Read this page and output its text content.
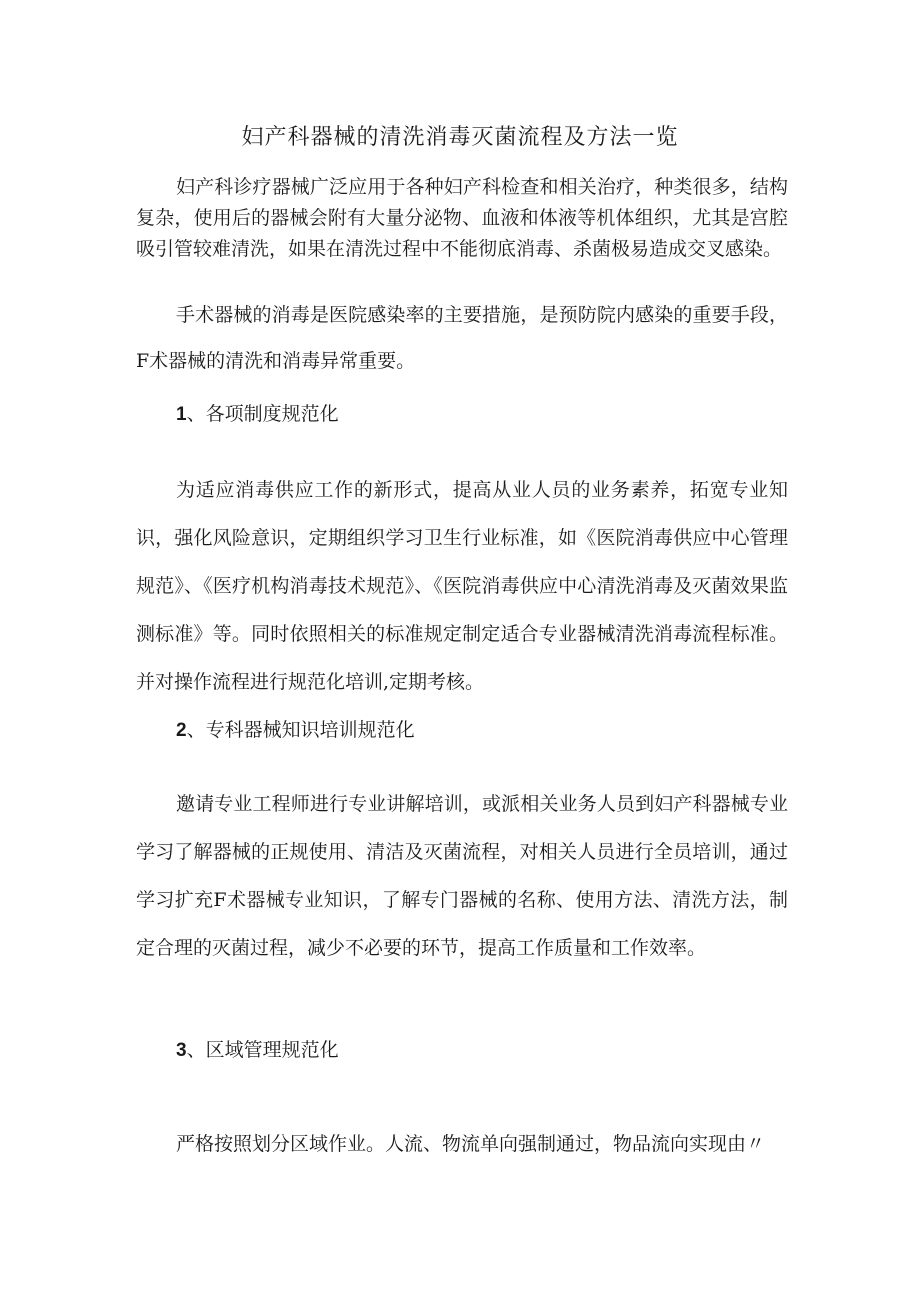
妇产科器械的清洗消毒灭菌流程及方法一览

妇产科诊疗器械广泛应用于各种妇产科检查和相关治疗，种类很多，结构复杂，使用后的器械会附有大量分泌物、血液和体液等机体组织，尤其是宫腔吸引管较难清洗，如果在清洗过程中不能彻底消毒、杀菌极易造成交叉感染。

手术器械的消毒是医院感染率的主要措施，是预防院内感染的重要手段，F术器械的清洗和消毒异常重要。

1、各项制度规范化

为适应消毒供应工作的新形式，提高从业人员的业务素养，拓宽专业知识，强化风险意识，定期组织学习卫生行业标准，如《医院消毒供应中心管理规范》、《医疗机构消毒技术规范》、《医院消毒供应中心清洗消毒及灭菌效果监测标准》等。同时依照相关的标准规定制定适合专业器械清洗消毒流程标准。并对操作流程进行规范化培训,定期考核。

2、专科器械知识培训规范化

邀请专业工程师进行专业讲解培训，或派相关业务人员到妇产科器械专业学习了解器械的正规使用、清洁及灭菌流程，对相关人员进行全员培训，通过学习扩充F术器械专业知识，了解专门器械的名称、使用方法、清洗方法，制定合理的灭菌过程，减少不必要的环节，提高工作质量和工作效率。

3、区域管理规范化

严格按照划分区域作业。人流、物流单向强制通过，物品流向实现由〃
